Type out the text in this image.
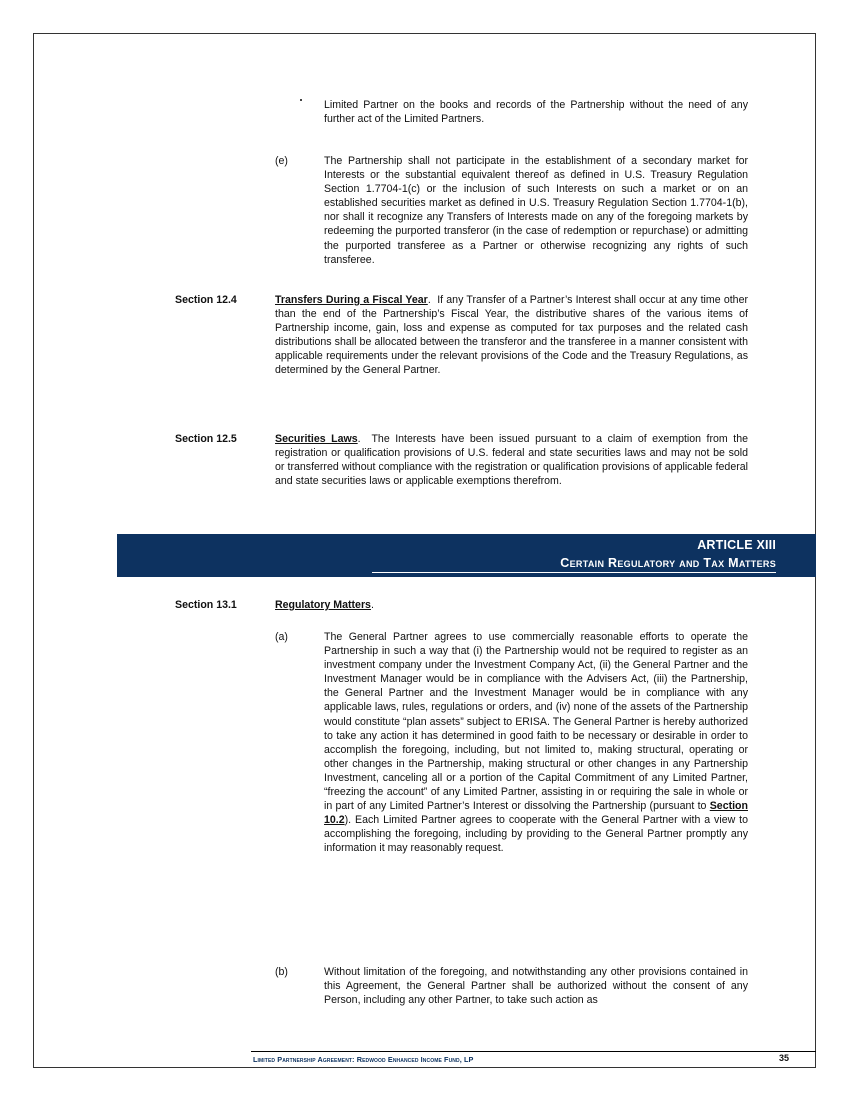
Limited Partner on the books and records of the Partnership without the need of any further act of the Limited Partners.

(e)	The Partnership shall not participate in the establishment of a secondary market for Interests or the substantial equivalent thereof as defined in U.S. Treasury Regulation Section 1.7704-1(c) or the inclusion of such Interests on such a market or on an established securities market as defined in U.S. Treasury Regulation Section 1.7704-1(b), nor shall it recognize any Transfers of Interests made on any of the foregoing markets by redeeming the purported transferor (in the case of redemption or repurchase) or admitting the purported transferee as a Partner or otherwise recognizing any rights of such transferee.

Section 12.4	Transfers During a Fiscal Year.  If any Transfer of a Partner’s Interest shall occur at any time other than the end of the Partnership’s Fiscal Year, the distributive shares of the various items of Partnership income, gain, loss and expense as computed for tax purposes and the related cash distributions shall be allocated between the transferor and the transferee in a manner consistent with applicable requirements under the relevant provisions of the Code and the Treasury Regulations, as determined by the General Partner.

Section 12.5	Securities Laws.  The Interests have been issued pursuant to a claim of exemption from the registration or qualification provisions of U.S. federal and state securities laws and may not be sold or transferred without compliance with the registration or qualification provisions of applicable federal and state securities laws or applicable exemptions therefrom.

ARTICLE XIII
Certain Regulatory and Tax Matters

Section 13.1	Regulatory Matters.

(a)	The General Partner agrees to use commercially reasonable efforts to operate the Partnership in such a way that (i) the Partnership would not be required to register as an investment company under the Investment Company Act, (ii) the General Partner and the Investment Manager would be in compliance with the Advisers Act, (iii) the Partnership, the General Partner and the Investment Manager would be in compliance with any applicable laws, rules, regulations or orders, and (iv) none of the assets of the Partnership would constitute “plan assets” subject to ERISA. The General Partner is hereby authorized to take any action it has determined in good faith to be necessary or desirable in order to accomplish the foregoing, including, but not limited to, making structural, operating or other changes in the Partnership, making structural or other changes in any Partnership Investment, canceling all or a portion of the Capital Commitment of any Limited Partner, “freezing the account” of any Limited Partner, assisting in or requiring the sale in whole or in part of any Limited Partner’s Interest or dissolving the Partnership (pursuant to Section 10.2). Each Limited Partner agrees to cooperate with the General Partner with a view to accomplishing the foregoing, including by providing to the General Partner promptly any information it may reasonably request.

(b)	Without limitation of the foregoing, and notwithstanding any other provisions contained in this Agreement, the General Partner shall be authorized without the consent of any Person, including any other Partner, to take such action as

Limited Partnership Agreement: Redwood Enhanced Income Fund, LP	35
